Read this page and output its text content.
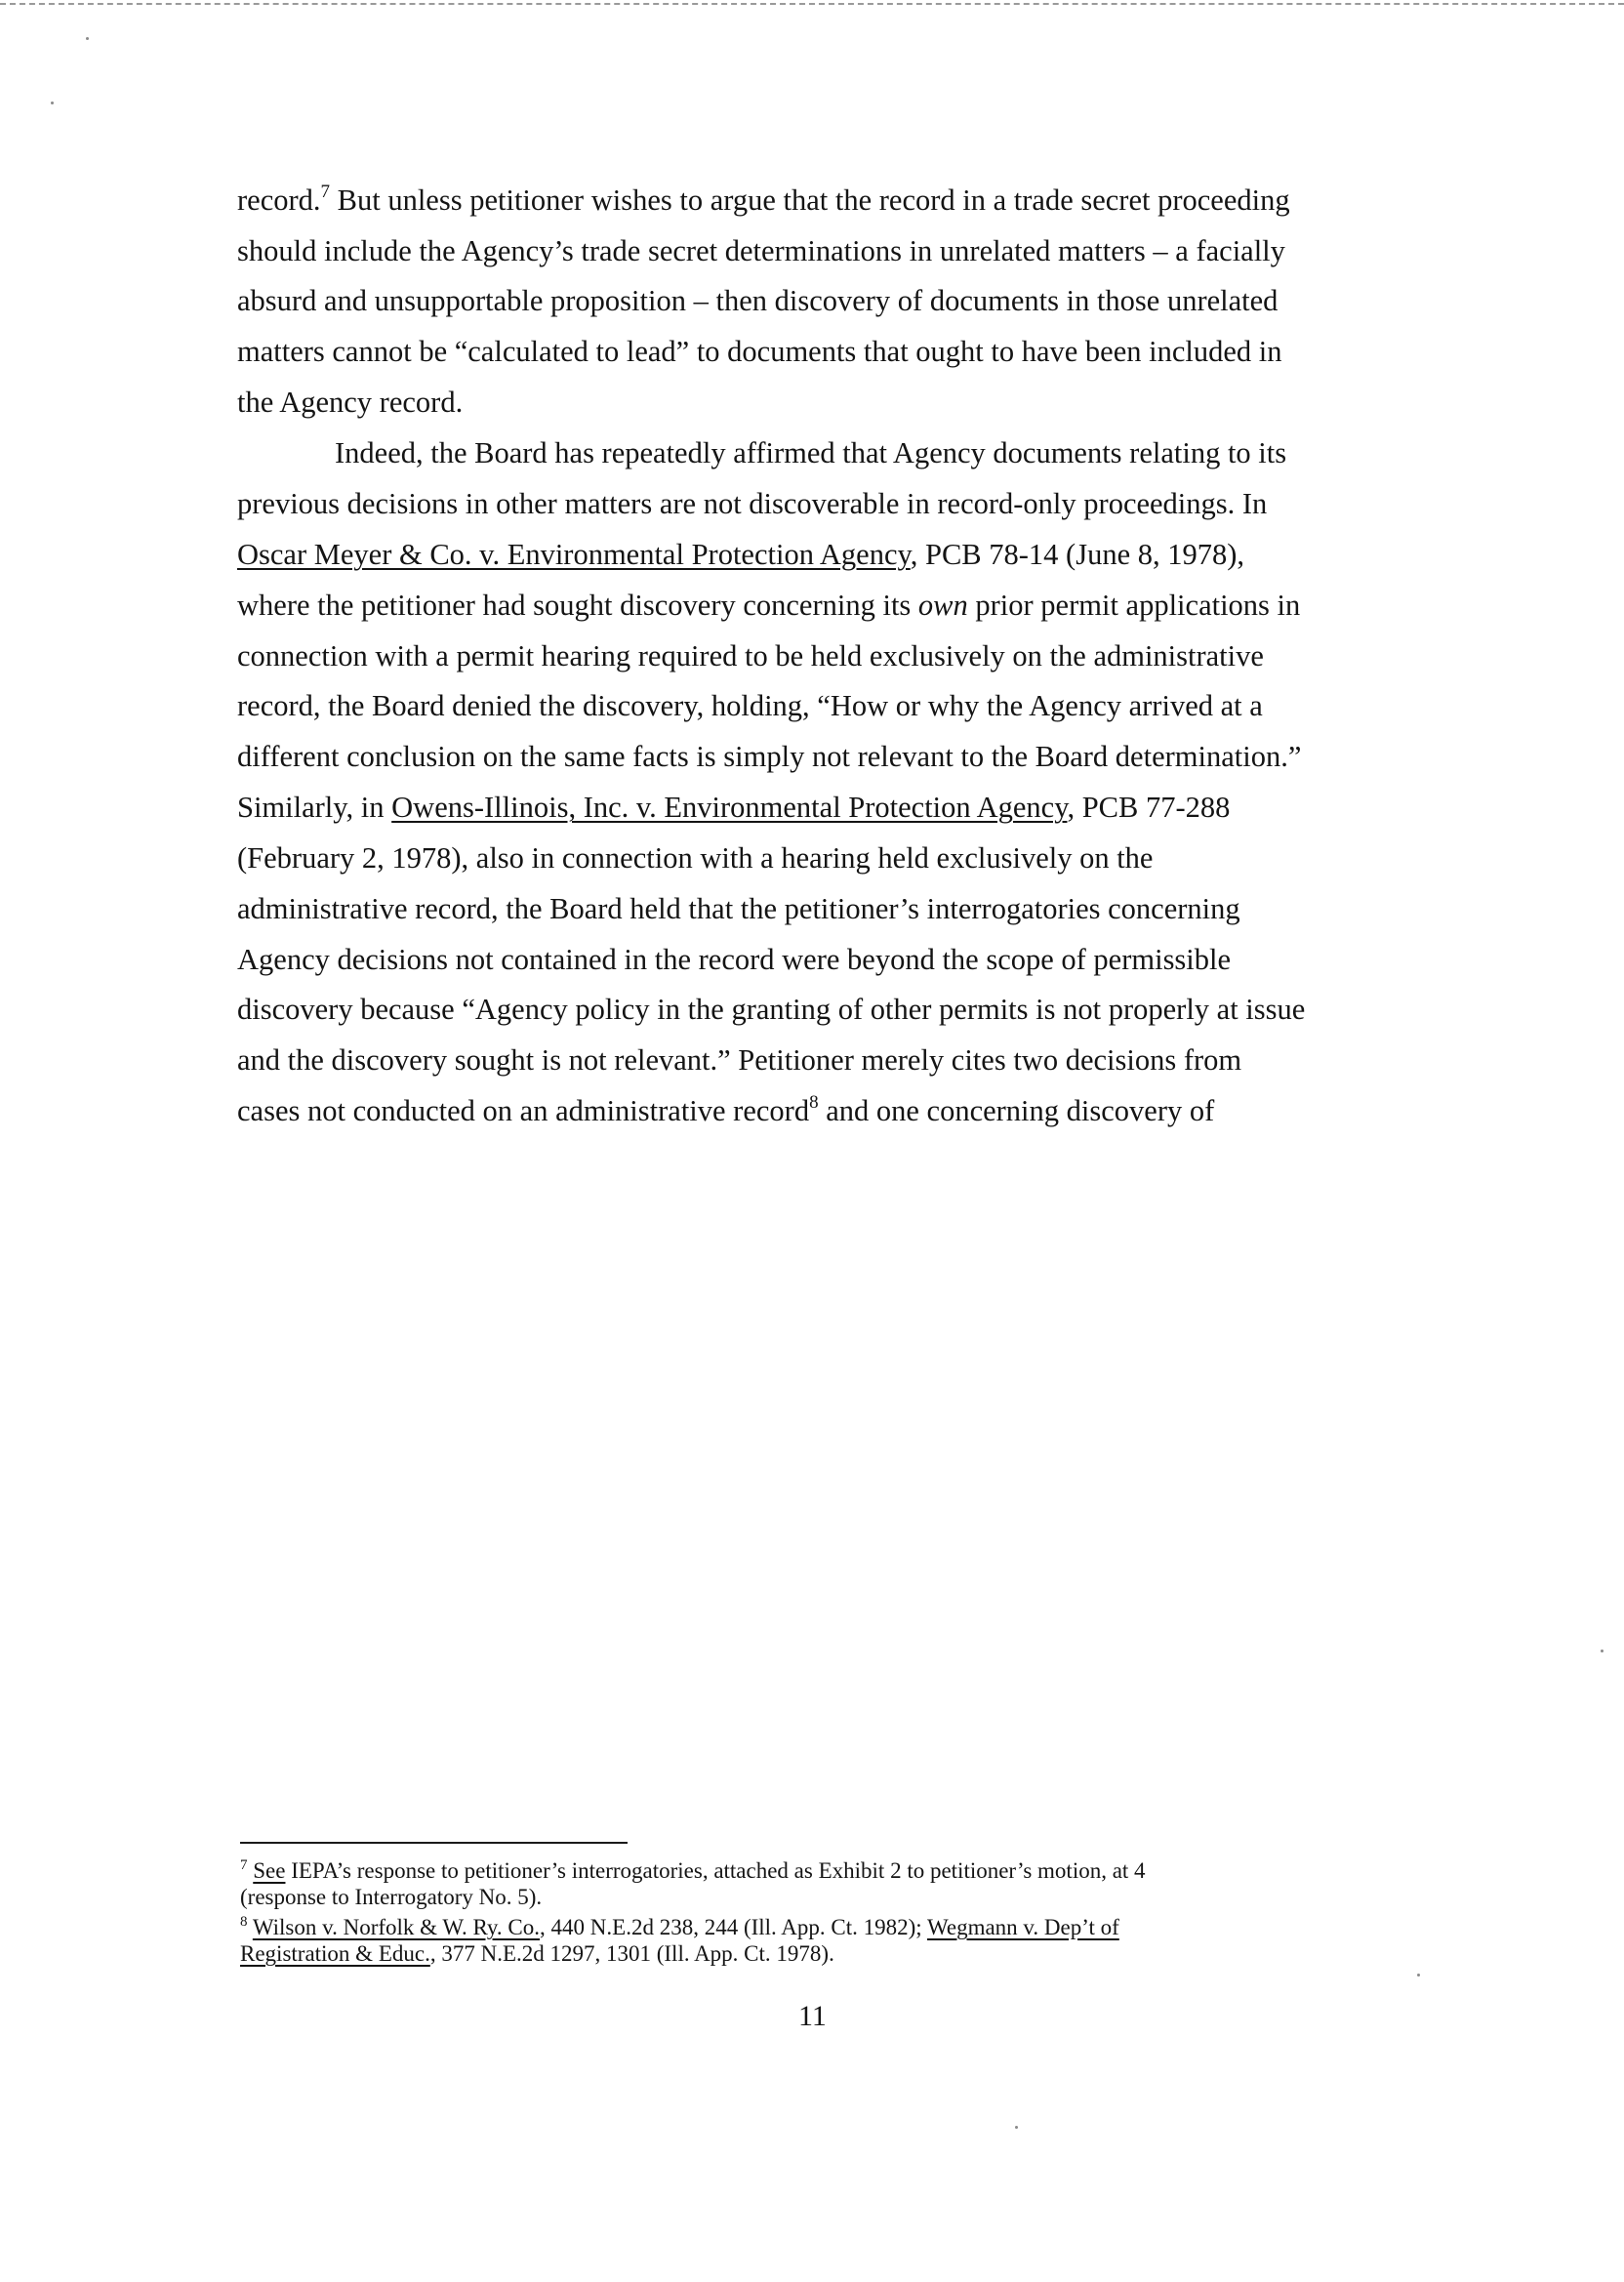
record.$^7$ But unless petitioner wishes to argue that the record in a trade secret proceeding
should include the Agency’s trade secret determinations in unrelated matters – a facially
absurd and unsupportable proposition – then discovery of documents in those unrelated
matters cannot be “calculated to lead” to documents that ought to have been included in
the Agency record.
Indeed, the Board has repeatedly affirmed that Agency documents relating to its
previous decisions in other matters are not discoverable in record-only proceedings. In
Oscar Meyer & Co. v. Environmental Protection Agency, PCB 78-14 (June 8, 1978),
where the petitioner had sought discovery concerning its own prior permit applications in
connection with a permit hearing required to be held exclusively on the administrative
record, the Board denied the discovery, holding, “How or why the Agency arrived at a
different conclusion on the same facts is simply not relevant to the Board determination.”
Similarly, in Owens-Illinois, Inc. v. Environmental Protection Agency, PCB 77-288
(February 2, 1978), also in connection with a hearing held exclusively on the
administrative record, the Board held that the petitioner’s interrogatories concerning
Agency decisions not contained in the record were beyond the scope of permissible
discovery because “Agency policy in the granting of other permits is not properly at issue
and the discovery sought is not relevant.” Petitioner merely cites two decisions from
cases not conducted on an administrative record$^8$ and one concerning discovery of
$^7$ See IEPA’s response to petitioner’s interrogatories, attached as Exhibit 2 to petitioner’s motion, at 4
(response to Interrogatory No. 5).
$^8$ Wilson v. Norfolk & W. Ry. Co., 440 N.E.2d 238, 244 (Ill. App. Ct. 1982); Wegmann v. Dep’t of
Registration & Educ., 377 N.E.2d 1297, 1301 (Ill. App. Ct. 1978).
11
